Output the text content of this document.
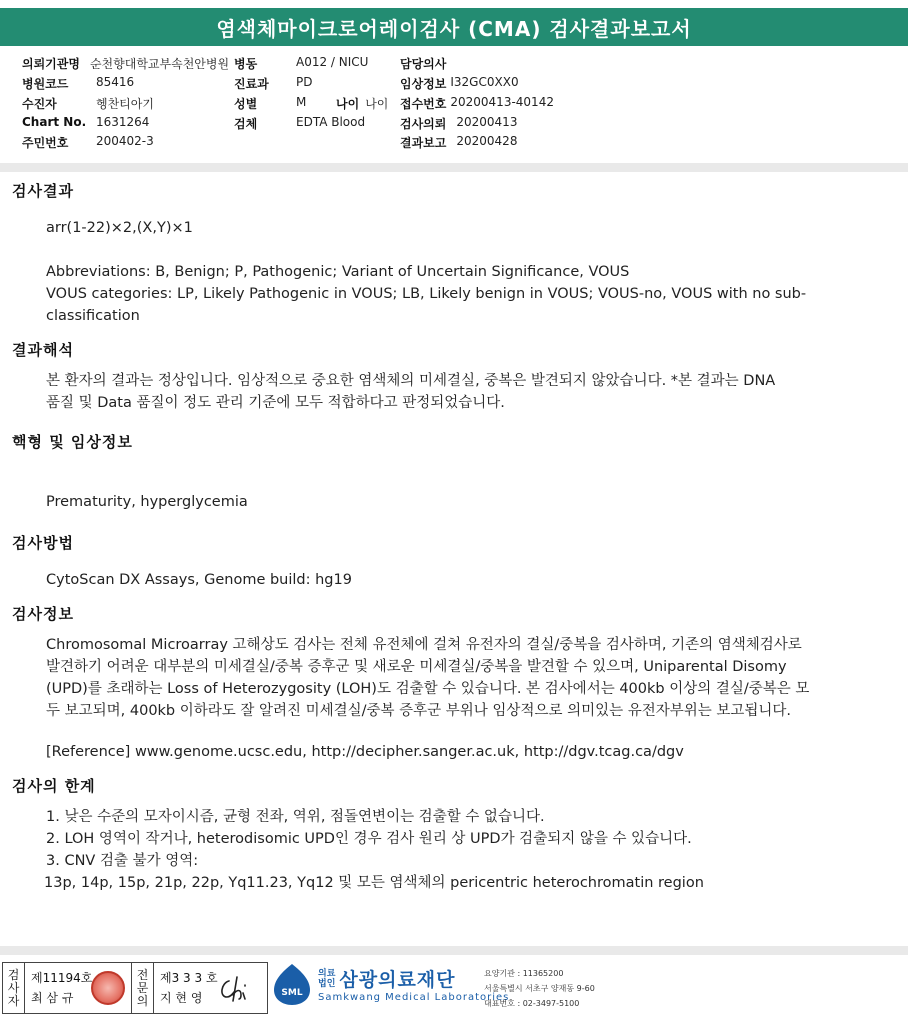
염색체마이크로어레이검사 (CMA) 검사결과보고서
의뢰기관명 순천향대학교부속천안병원 병동	A012 / NICU	담당의사
병원코드	85416	진료과	PD	임상정보 I32GC0XX0
수진자	헹찬티아기	성별	M	나이 나이 접수번호 20200413-40142
Chart No. 1631264	검체	EDTA Blood	검사의뢰 20200413
주민번호	200402-3	결과보고 20200428
검사결과
arr(1-22)×2,(X,Y)×1

Abbreviations: B, Benign; P, Pathogenic; Variant of Uncertain Significance, VOUS

VOUS categories: LP, Likely Pathogenic in VOUS; LB, Likely benign in VOUS; VOUS-no, VOUS with no sub-

classification

결과해석

본 환자의 결과는 정상입니다. 임상적으로 중요한 염색체의 미세결실, 중복은 발견되지 않았습니다. *본 결과는 DNA

품질 및 Data 품질이 정도 관리 기준에 모두 적합하다고 판정되었습니다.

핵형 및 임상정보
Prematurity, hyperglycemia
검사방법
CytoScan DX Assays, Genome build: hg19
검사정보

Chromosomal Microarray 고해상도 검사는 전체 유전체에 걸쳐 유전자의 결실/중복을 검사하며, 기존의 염색체검사로

발견하기 어려운 대부분의 미세결실/중복 증후군 및 새로운 미세결실/중복을 발견할 수 있으며, Uniparental Disomy

(UPD)를 초래하는 Loss of Heterozygosity (LOH)도 검출할 수 있습니다. 본 검사에서는 400kb 이상의 결실/중복은 모

두 보고되며, 400kb 이하라도 잘 알려진 미세결실/중복 증후군 부위나 임상적으로 의미있는 유전자부위는 보고됩니다.

[Reference] www.genome.ucsc.edu, http://decipher.sanger.ac.uk, http://dgv.tcag.ca/dgv
검사의 한계

1. 낮은 수준의 모자이시즘, 균형 전좌, 역위, 점돌연변이는 검출할 수 없습니다.

2. LOH 영역이 작거나, heterodisomic UPD인 경우 검사 원리 상 UPD가 검출되지 않을 수 있습니다.

3. CNV 검출 불가 영역:

13p, 14p, 15p, 21p, 22p, Yq11.23, Yq12 및 모든 염색체의 pericentric heterochromatin region

검
사
자
제11194호
최 삼 규
전
문
의
제3 3 3 호
지 현 영	SML
의료
법인 삼광의료재단
Samkwang Medical Laboratories
요양기관 : 11365200
서울특별시 서초구 양재동 9-60
대표번호 : 02-3497-5100
